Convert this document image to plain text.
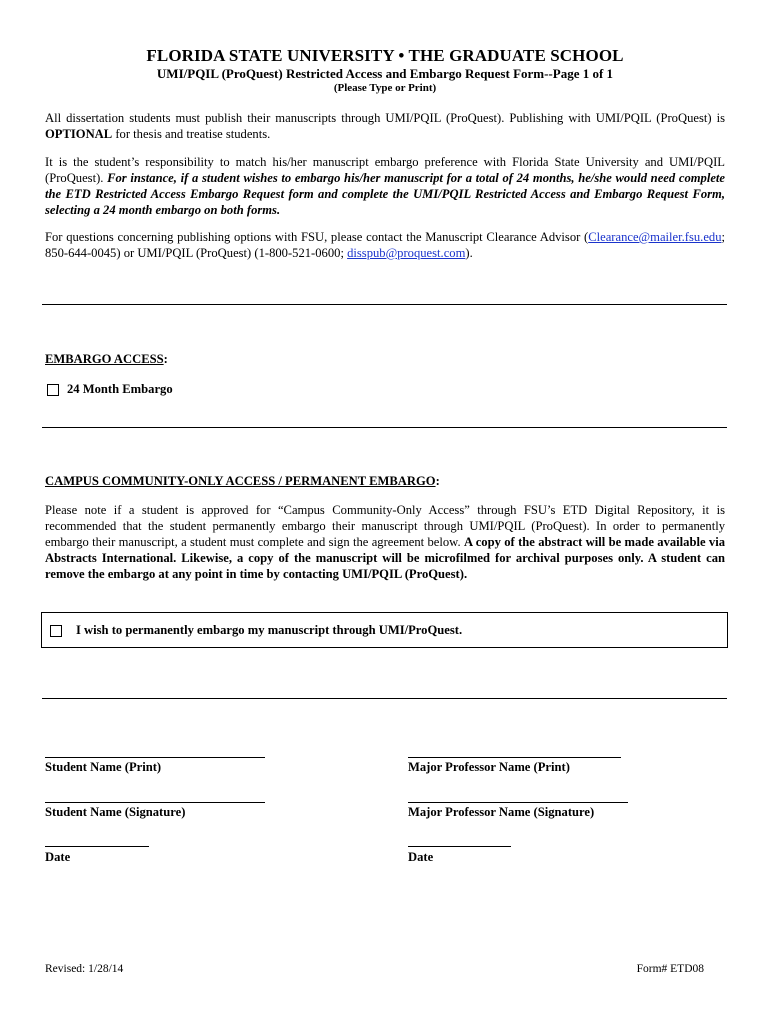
FLORIDA STATE UNIVERSITY • THE GRADUATE SCHOOL
UMI/PQIL (ProQuest) Restricted Access and Embargo Request Form--Page 1 of 1
(Please Type or Print)
All dissertation students must publish their manuscripts through UMI/PQIL (ProQuest). Publishing with UMI/PQIL (ProQuest) is OPTIONAL for thesis and treatise students.
It is the student’s responsibility to match his/her manuscript embargo preference with Florida State University and UMI/PQIL (ProQuest). For instance, if a student wishes to embargo his/her manuscript for a total of 24 months, he/she would need complete the ETD Restricted Access Embargo Request form and complete the UMI/PQIL Restricted Access and Embargo Request Form, selecting a 24 month embargo on both forms.
For questions concerning publishing options with FSU, please contact the Manuscript Clearance Advisor (Clearance@mailer.fsu.edu; 850-644-0045) or UMI/PQIL (ProQuest) (1-800-521-0600; disspub@proquest.com).
EMBARGO ACCESS:
24 Month Embargo
CAMPUS COMMUNITY-ONLY ACCESS / PERMANENT EMBARGO:
Please note if a student is approved for “Campus Community-Only Access” through FSU’s ETD Digital Repository, it is recommended that the student permanently embargo their manuscript through UMI/PQIL (ProQuest). In order to permanently embargo their manuscript, a student must complete and sign the agreement below. A copy of the abstract will be made available via Abstracts International. Likewise, a copy of the manuscript will be microfilmed for archival purposes only. A student can remove the embargo at any point in time by contacting UMI/PQIL (ProQuest).
I wish to permanently embargo my manuscript through UMI/ProQuest.
Student Name (Print)	Major Professor Name (Print)
Student Name (Signature)	Major Professor Name (Signature)
Date	Date
Revised: 1/28/14	Form# ETD08
